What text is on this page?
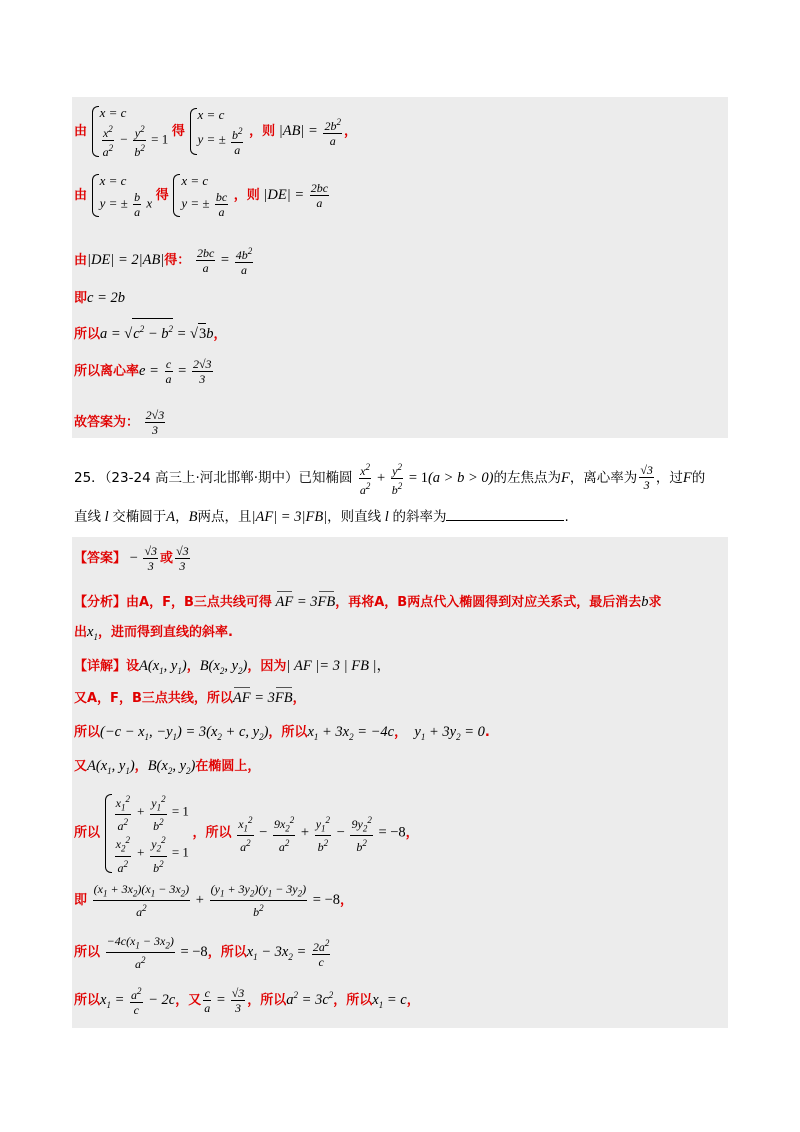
由
x = c
$\frac{x^2}{a^2} - \frac{y^2}{b^2} = 1$
得
x = c
y = ± $\frac{b^2}{a}$ ，则 $|AB| = \frac{2b^2}{a}$ ，
由
x = c
y = ± $\frac{b}{a}$ x
得
x = c
y = ± $\frac{bc}{a}$ ，则 $|DE| = \frac{2bc}{a}$
由|DE| = 2|AB|得： $\frac{2bc}{a} = \frac{4b^2}{a}$
即c = 2b
所以$a = √c^2 - b^2 = √3b$，
所以离心率$e = \frac{c}{a} = \frac{2√3}{3}$
故答案为： $\frac{2√3}{3}$
25．（23-24 高三上·河北邯郸·期中）已知椭圆 $\frac{x^2}{a^2} + \frac{y^2}{b^2} = 1(a > b > 0)$的左焦点为F，离心率为 $\frac{√3}{3}$ ，过F的
直线 l 交椭圆于A，B两点，且|AF| = 3|FB|，则直线 l 的斜率为	.
【答案】 − $\frac{√3}{3}$ 或 $\frac{√3}{3}$
【分析】由A，F，B三点共线可得 AF = 3FB，再将A，B两点代入椭圆得到对应关系式，最后消去b求
出$x_1$，进而得到直线的斜率.
【详解】设$A(x_1$, $y_1$)，$B(x_2$, $y_2$)，因为| AF |= 3 | FB |，
又A，F，B三点共线，所以AF = 3FB，
所以($-c - x_1$, $-y_1) = 3(x_2 + c$, $y_2$)，所以$x_1 + 3x_2 = -4c$， $y_1 + 3y_2 = 0$.
又$A(x_1$, $y_1$)，$B(x_2$, $y_2$)在椭圆上，
所以 $\frac{x_1^2}{a^2} + \frac{y_1^2}{b^2} = 1$
$\frac{x_2^2}{a^2} + \frac{y_2^2}{b^2} = 1$
，所以 $\frac{x_1^2}{a^2} - \frac{9x_2^2}{a^2} + \frac{y_1^2}{b^2} - \frac{9y_2^2}{b^2} = -8$，
即 $\frac{(x_1 + 3x_2)(x_1 - 3x_2)}{a^2} + \frac{(y_1 + 3y_2)(y_1 - 3y_2)}{b^2} = -8$，
所以 $\frac{-4c(x_1 - 3x_2)}{a^2} = -8$，所以$x_1 - 3x_2 = \frac{2a^2}{c}$
所以$x_1 = \frac{a^2}{c} - 2c$，又 $\frac{c}{a} = \frac{√3}{3}$ ，所以$a^2 = 3c^2$，所以$x_1 = c$，
